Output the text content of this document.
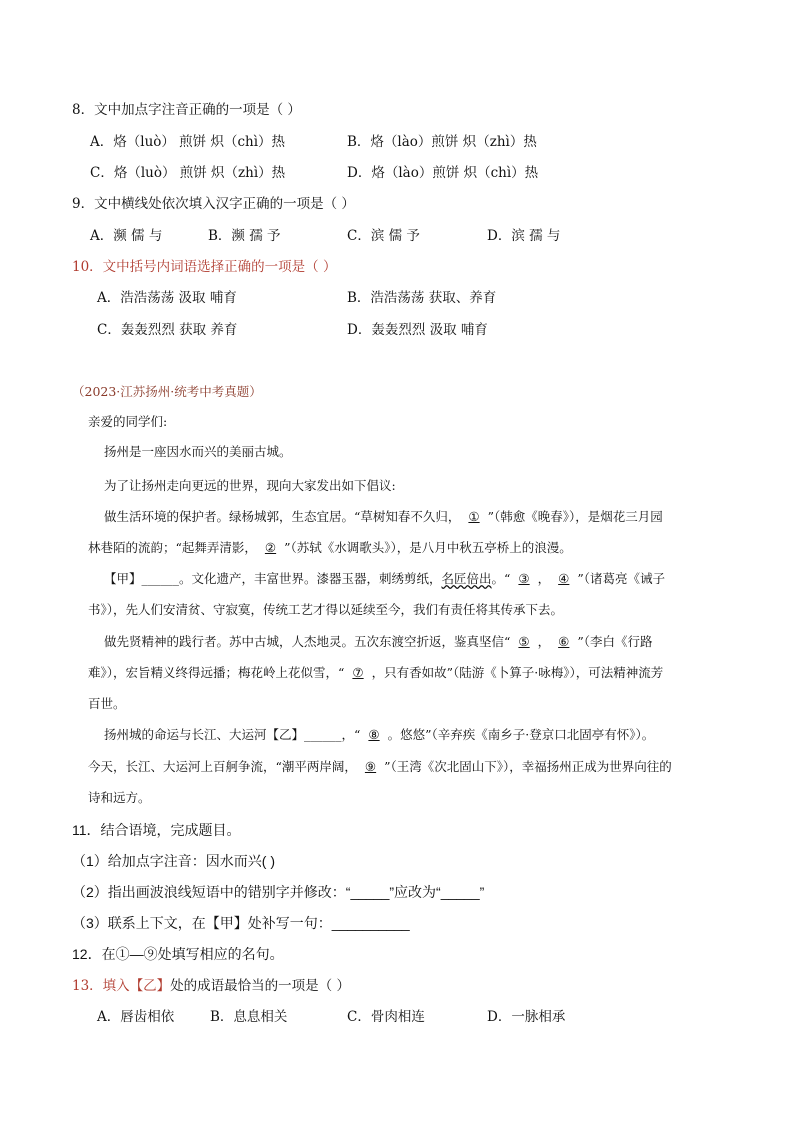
8．文中加点字注音正确的一项是（ ）
A．烙（luò） 煎饼 炽（chì）热	B．烙（lào）煎饼 炽（zhì）热
C．烙（luò） 煎饼 炽（zhì）热	D．烙（lào）煎饼 炽（chì）热
9．文中横线处依次填入汉字正确的一项是（ ）
A．濒 儒 与	B．濒 孺 予	C．滨 儒 予	D．滨 孺 与
10．文中括号内词语选择正确的一项是（ ）
A．浩浩荡荡 汲取 哺育	B．浩浩荡荡 获取、养育
C．轰轰烈烈 获取 养育	D．轰轰烈烈 汲取 哺育
（2023·江苏扬州·统考中考真题）
亲爱的同学们:
扬州是一座因水而兴的美丽古城。
为了让扬州走向更远的世界，现向大家发出如下倡议:
做生活环境的保护者。绿杨城郭，生态宜居。“草树知春不久归， ① ”（韩愈《晚春》），是烟花三月园
林巷陌的流韵；“起舞弄清影， ② ”（苏轼《水调歌头》），是八月中秋五亭桥上的浪漫。
【甲】______。文化遗产，丰富世界。漆器玉器，刺绣剪纸，名匠倍出。“ ③ ， ④ ”（诸葛亮《诫子
书》），先人们安清贫、守寂寞，传统工艺才得以延续至今，我们有责任将其传承下去。
做先贤精神的践行者。苏中古城，人杰地灵。五次东渡空折返，鉴真坚信“ ⑤ ， ⑥ ”（李白《行路
难》），宏旨精义终得远播；梅花岭上花似雪，“ ⑦ ，只有香如故”（陆游《卜算子·咏梅》），可法精神流芳
百世。
扬州城的命运与长江、大运河【乙】______，“ ⑧ 。悠悠”（辛弃疾《南乡子·登京口北固亭有怀》）。
今天，长江、大运河上百舸争流，“潮平两岸阔， ⑨ ”（王湾《次北固山下》），幸福扬州正成为世界向往的
诗和远方。
11．结合语境，完成题目。
（1）给加点字注音：因水而兴( )
（2）指出画波浪线短语中的错别字并修改：“_____”应改为“_____”
（3）联系上下文，在【甲】处补写一句：__________
12．在①—⑨处填写相应的名句。
13．填入【乙】处的成语最恰当的一项是（ ）
A．唇齿相依	B．息息相关	C．骨肉相连	D．一脉相承
